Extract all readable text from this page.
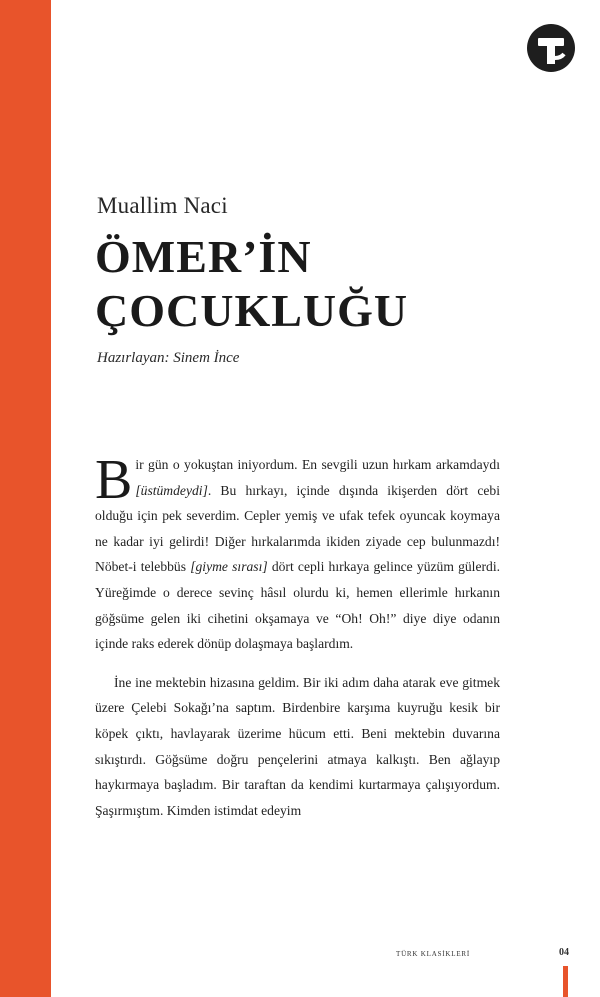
Muallim Naci
ÖMER’İN
ÇOCUKLUĞU

Hazırlayan: Sinem İnce

Bir gün o yokuştan iniyordum. En sevgili uzun hırkam arkamdaydı [üstümdeydi]. Bu hırkayı, içinde dışında ikişerden dört cebi olduğu için pek severdim. Cepler yemiş ve ufak tefek oyuncak koymaya ne kadar iyi gelirdi! Diğer hırkalarımda ikiden ziyade cep bulunmazdı! Nöbet-i telebbüs [giyme sırası] dört cepli hırkaya gelince yüzüm gülerdi. Yüreğimde o derece sevinç hâsıl olurdu ki, hemen ellerimle hırkanın göğsüme gelen iki cihetini okşamaya ve “Oh! Oh!” diye diye odanın içinde raks ederek dönüp dolaşmaya başlardım.

İne ine mektebin hizasına geldim. Bir iki adım daha atarak eve gitmek üzere Çelebi Sokağı’na saptım. Birdenbire karşıma kuyruğu kesik bir köpek çıktı, havlayarak üzerime hücum etti. Beni mektebin duvarına sıkıştırdı. Göğsüme doğru pençelerini atmaya kalkıştı. Ben ağlayıp haykırmaya başladım. Bir taraftan da kendimi kurtarmaya çalışıyordum. Şaşırmıştım. Kimden istimdat edeyim

TÜRK KLASİKLERİ	04
